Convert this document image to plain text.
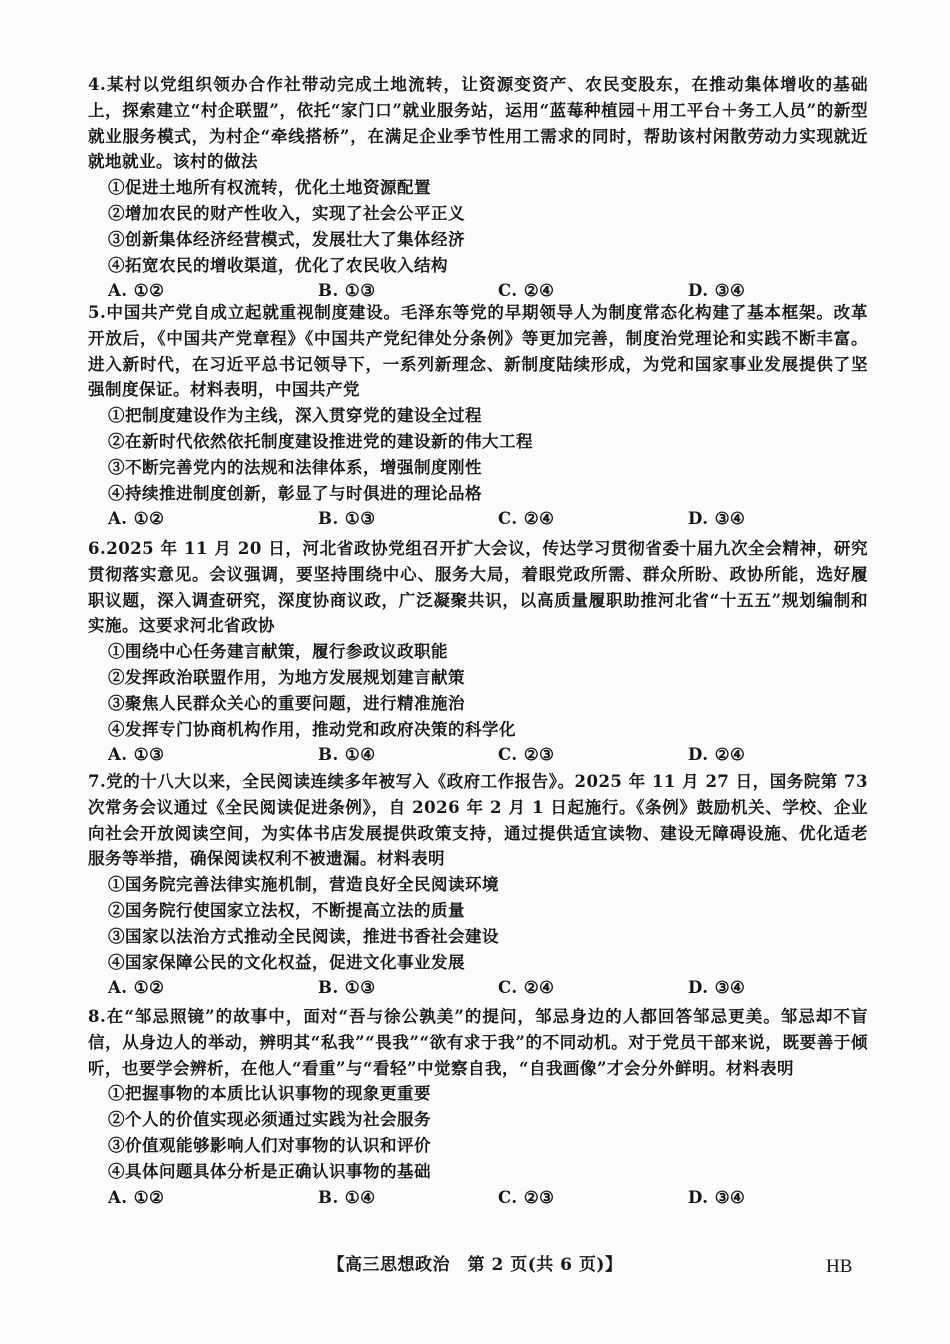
4.某村以党组织领办合作社带动完成土地流转，让资源变资产、农民变股东，在推动集体增收的基础上，探索建立“村企联盟”，依托“家门口”就业服务站，运用“蓝莓种植园＋用工平台＋务工人员”的新型就业服务模式，为村企“牵线搭桥”，在满足企业季节性用工需求的同时，帮助该村闲散劳动力实现就近就地就业。该村的做法
①促进土地所有权流转，优化土地资源配置
②增加农民的财产性收入，实现了社会公平正义
③创新集体经济经营模式，发展壮大了集体经济
④拓宽农民的增收渠道，优化了农民收入结构
A. ①②	B. ①③	C. ②④	D. ③④
5.中国共产党自成立起就重视制度建设。毛泽东等党的早期领导人为制度常态化构建了基本框架。改革开放后，《中国共产党章程》《中国共产党纪律处分条例》等更加完善，制度治党理论和实践不断丰富。进入新时代，在习近平总书记领导下，一系列新理念、新制度陆续形成，为党和国家事业发展提供了坚强制度保证。材料表明，中国共产党
①把制度建设作为主线，深入贯穿党的建设全过程
②在新时代依然依托制度建设推进党的建设新的伟大工程
③不断完善党内的法规和法律体系，增强制度刚性
④持续推进制度创新，彰显了与时俱进的理论品格
A. ①②	B. ①③	C. ②④	D. ③④
6.2025 年 11 月 20 日，河北省政协党组召开扩大会议，传达学习贯彻省委十届九次全会精神，研究贯彻落实意见。会议强调，要坚持围绕中心、服务大局，着眼党政所需、群众所盼、政协所能，选好履职议题，深入调查研究，深度协商议政，广泛凝聚共识，以高质量履职助推河北省“十五五”规划编制和实施。这要求河北省政协
①围绕中心任务建言献策，履行参政议政职能
②发挥政治联盟作用，为地方发展规划建言献策
③聚焦人民群众关心的重要问题，进行精准施治
④发挥专门协商机构作用，推动党和政府决策的科学化
A. ①③	B. ①④	C. ②③	D. ②④
7.党的十八大以来，全民阅读连续多年被写入《政府工作报告》。2025 年 11 月 27 日，国务院第 73 次常务会议通过《全民阅读促进条例》，自 2026 年 2 月 1 日起施行。《条例》鼓励机关、学校、企业向社会开放阅读空间，为实体书店发展提供政策支持，通过提供适宜读物、建设无障碍设施、优化适老服务等举措，确保阅读权利不被遗漏。材料表明
①国务院完善法律实施机制，营造良好全民阅读环境
②国务院行使国家立法权，不断提高立法的质量
③国家以法治方式推动全民阅读，推进书香社会建设
④国家保障公民的文化权益，促进文化事业发展
A. ①②	B. ①③	C. ②④	D. ③④
8.在“邹忌照镜”的故事中，面对“吾与徐公孰美”的提问，邹忌身边的人都回答邹忌更美。邹忌却不盲信，从身边人的举动，辨明其“私我”“畏我”“欲有求于我”的不同动机。对于党员干部来说，既要善于倾听，也要学会辨析，在他人“看重”与“看轻”中觉察自我，“自我画像”才会分外鲜明。材料表明
①把握事物的本质比认识事物的现象更重要
②个人的价值实现必须通过实践为社会服务
③价值观能够影响人们对事物的认识和评价
④具体问题具体分析是正确认识事物的基础
A. ①②	B. ①④	C. ②③	D. ③④
【高三思想政治　第 2 页(共 6 页)】	HB
